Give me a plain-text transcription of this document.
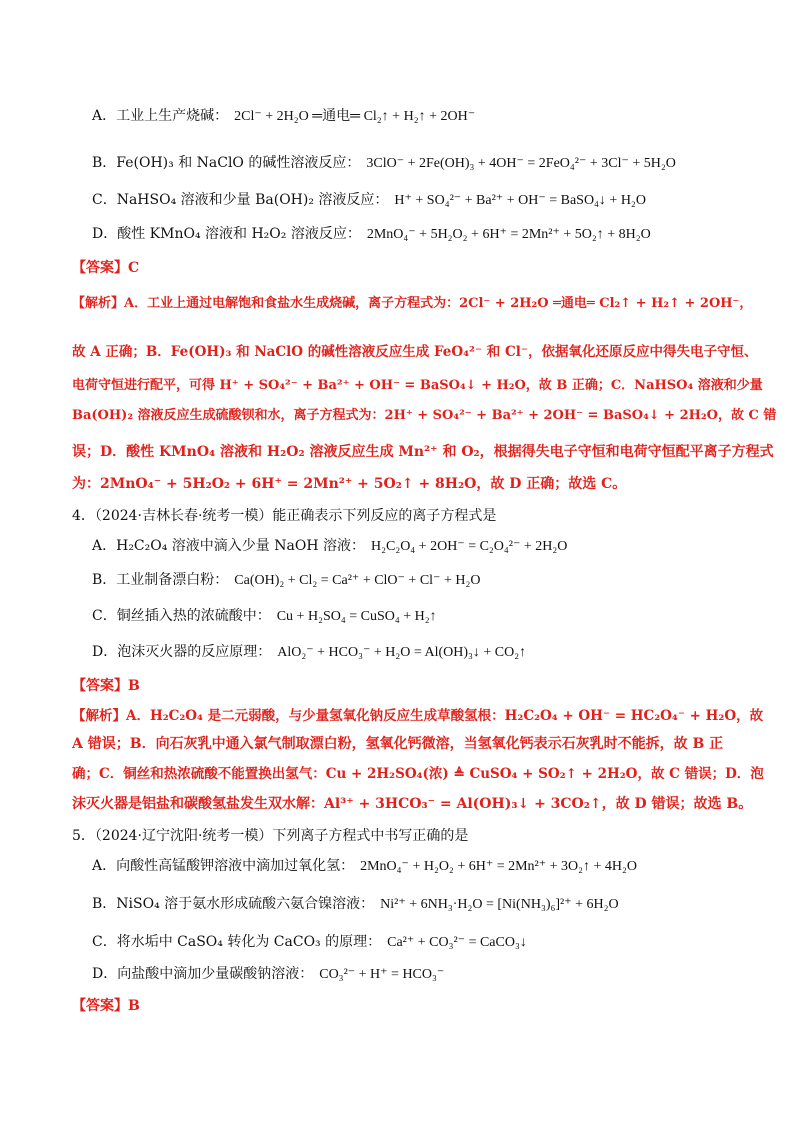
A．工业上生产烧碱： 2Cl⁻ + 2H₂O ═通电═ Cl₂↑ + H₂↑ + 2OH⁻
B．Fe(OH)₃ 和 NaClO 的碱性溶液反应： 3ClO⁻ + 2Fe(OH)₃ + 4OH⁻ = 2FeO₄²⁻ + 3Cl⁻ + 5H₂O
C．NaHSO₄ 溶液和少量 Ba(OH)₂ 溶液反应： H⁺ + SO₄²⁻ + Ba²⁺ + OH⁻ = BaSO₄↓ + H₂O
D．酸性 KMnO₄ 溶液和 H₂O₂ 溶液反应： 2MnO₄⁻ + 5H₂O₂ + 6H⁺ = 2Mn²⁺ + 5O₂↑ + 8H₂O
【答案】C
【解析】A．工业上通过电解饱和食盐水生成烧碱，离子方程式为：2Cl⁻ + 2H₂O ═通电═ Cl₂↑ + H₂↑ + 2OH⁻，
故 A 正确；B．Fe(OH)₃ 和 NaClO 的碱性溶液反应生成 FeO₄²⁻ 和 Cl⁻，依据氧化还原反应中得失电子守恒、
电荷守恒进行配平，可得 H⁺ + SO₄²⁻ + Ba²⁺ + OH⁻ = BaSO₄↓ + H₂O，故 B 正确；C．NaHSO₄ 溶液和少量
Ba(OH)₂ 溶液反应生成硫酸钡和水，离子方程式为：2H⁺ + SO₄²⁻ + Ba²⁺ + 2OH⁻ = BaSO₄↓ + 2H₂O，故 C 错
误；D．酸性 KMnO₄ 溶液和 H₂O₂ 溶液反应生成 Mn²⁺ 和 O₂，根据得失电子守恒和电荷守恒配平离子方程式
为：2MnO₄⁻ + 5H₂O₂ + 6H⁺ = 2Mn²⁺ + 5O₂↑ + 8H₂O，故 D 正确；故选 C。
4．（2024·吉林长春·统考一模）能正确表示下列反应的离子方程式是
A．H₂C₂O₄ 溶液中滴入少量 NaOH 溶液： H₂C₂O₄ + 2OH⁻ = C₂O₄²⁻ + 2H₂O
B．工业制备漂白粉： Ca(OH)₂ + Cl₂ = Ca²⁺ + ClO⁻ + Cl⁻ + H₂O
C．铜丝插入热的浓硫酸中： Cu + H₂SO₄ = CuSO₄ + H₂↑
D．泡沫灭火器的反应原理： AlO₂⁻ + HCO₃⁻ + H₂O = Al(OH)₃↓ + CO₂↑
【答案】B
【解析】A．H₂C₂O₄ 是二元弱酸，与少量氢氧化钠反应生成草酸氢根：H₂C₂O₄ + OH⁻ = HC₂O₄⁻ + H₂O，故
A 错误；B．向石灰乳中通入氯气制取漂白粉，氢氧化钙微溶，当氢氧化钙表示石灰乳时不能拆，故 B 正
确；C．铜丝和热浓硫酸不能置换出氢气：Cu + 2H₂SO₄(浓) ≜ CuSO₄ + SO₂↑ + 2H₂O，故 C 错误；D．泡
沫灭火器是铝盐和碳酸氢盐发生双水解：Al³⁺ + 3HCO₃⁻ = Al(OH)₃↓ + 3CO₂↑，故 D 错误；故选 B。
5．（2024·辽宁沈阳·统考一模）下列离子方程式中书写正确的是
A．向酸性高锰酸钾溶液中滴加过氧化氢： 2MnO₄⁻ + H₂O₂ + 6H⁺ = 2Mn²⁺ + 3O₂↑ + 4H₂O
B．NiSO₄ 溶于氨水形成硫酸六氨合镍溶液： Ni²⁺ + 6NH₃·H₂O = [Ni(NH₃)₆]²⁺ + 6H₂O
C．将水垢中 CaSO₄ 转化为 CaCO₃ 的原理： Ca²⁺ + CO₃²⁻ = CaCO₃↓
D．向盐酸中滴加少量碳酸钠溶液： CO₃²⁻ + H⁺ = HCO₃⁻
【答案】B
